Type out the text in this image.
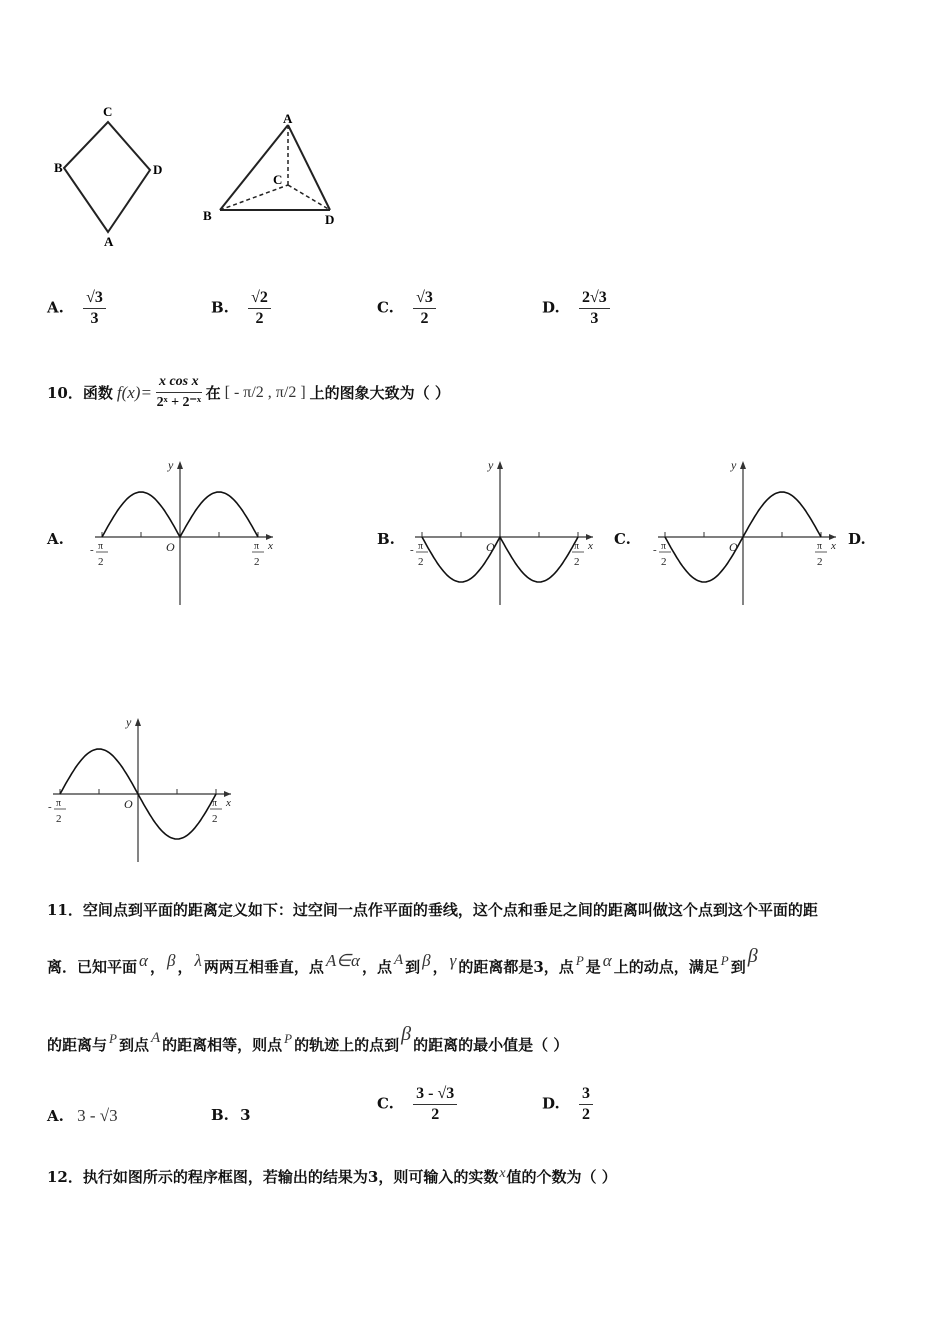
C
B	D
A
A
C
B	D
A. $\frac{√3}{3}$	B. $\frac{√2}{2}$	C. $\frac{√3}{2}$	D. $\frac{2√3}{3}$
10．函数 $f(x)= \frac{\text{x cos x}}{\text{2ˣ + 2⁻ˣ}}$ 在 [ - π/2 , π/2 ] 上的图象大致为（ ）
A.	B.	C.	D.
y
x
O
- π
2
π
2
y
x
O
- π
2
π
2
y
x
O
- π
2
π
2
y
x
O
- π
2
π
2
11．空间点到平面的距离定义如下：过空间一点作平面的垂线，这个点和垂足之间的距离叫做这个点到这个平面的距
离．已知平面 α ， β ， λ 两两互相垂直，点 A∈α ，点 A 到 β ， γ 的距离都是3，点 P 是 α 上的动点，满足 P 到 β
的距离与 P 到点 A 的距离相等，则点 P 的轨迹上的点到 β 的距离的最小值是（ ）
A. 3 - √3	B. 3
C. $\frac{3 - √3}{2}$	D. $\frac{3}{2}$
12．执行如图所示的程序框图，若输出的结果为3，则可输入的实数 x 值的个数为（ ）
